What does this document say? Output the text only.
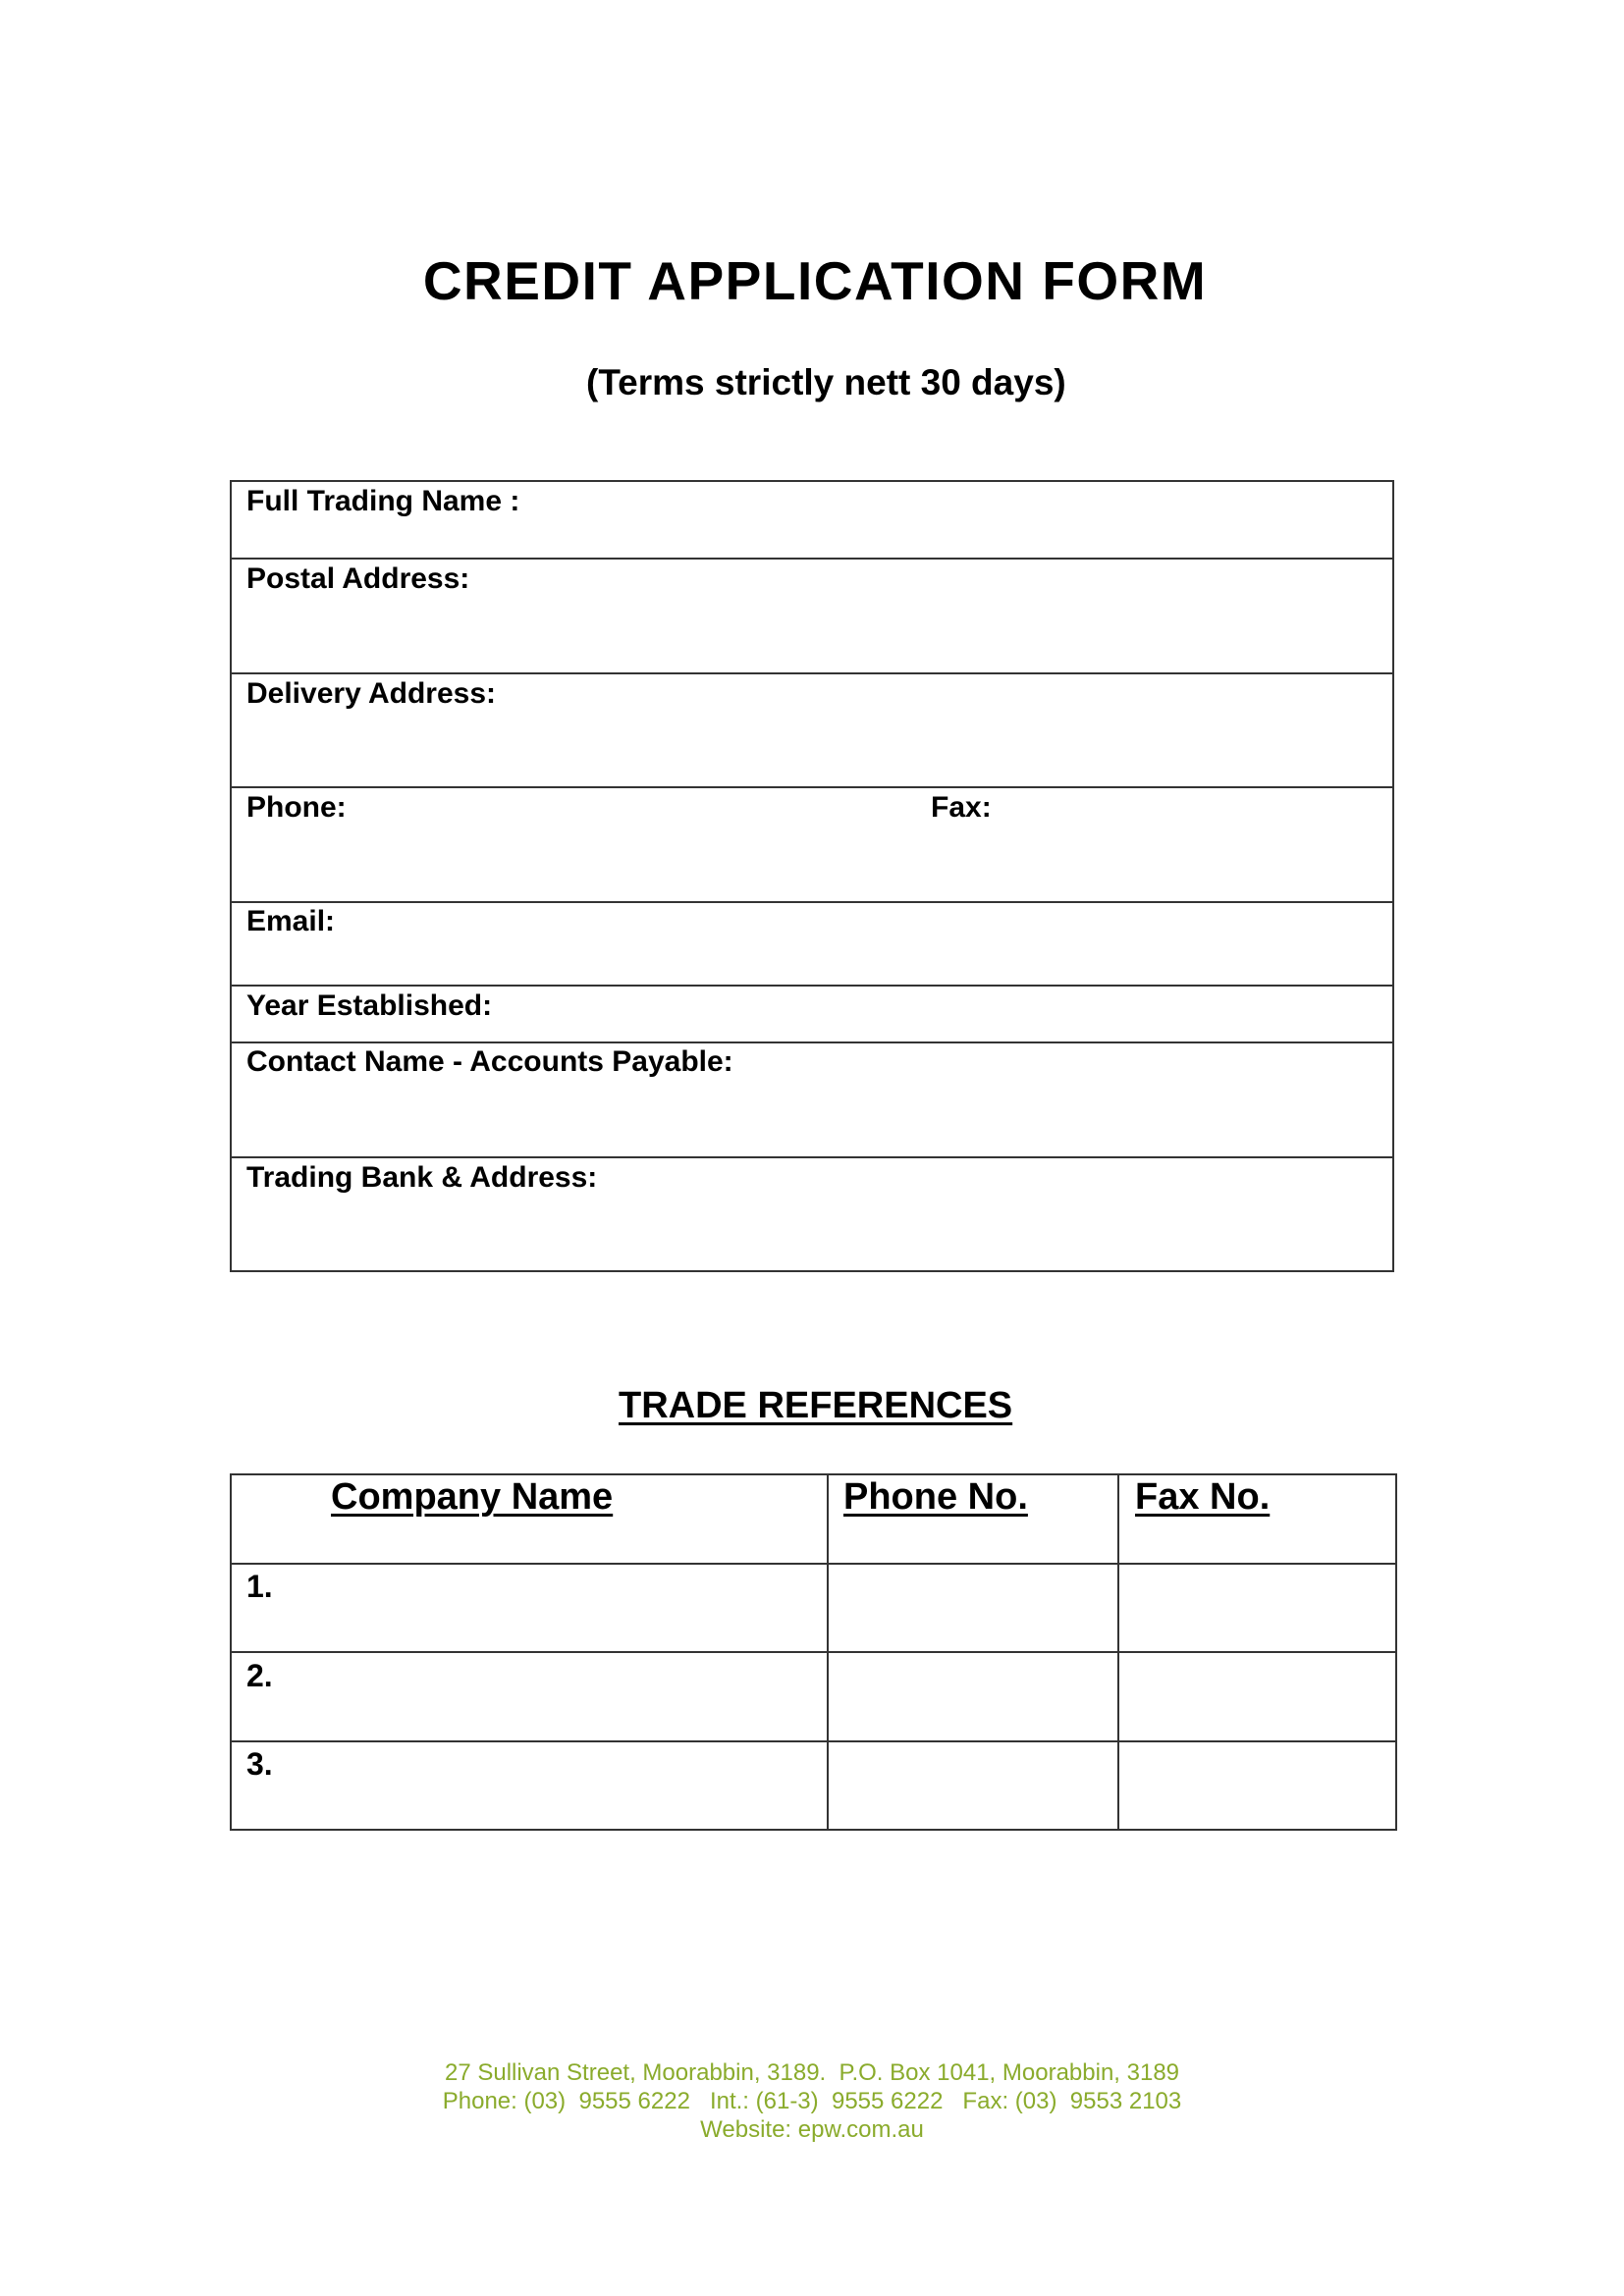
CREDIT APPLICATION FORM
(Terms strictly nett 30 days)
Full Trading Name :
Postal Address:
Delivery Address:
Phone:	Fax:
Email:
Year Established:
Contact Name - Accounts Payable:
Trading Bank & Address:
TRADE REFERENCES
Company Name	Phone No.	Fax No.
1.
2.
3.
27 Sullivan Street, Moorabbin, 3189.  P.O. Box 1041, Moorabbin, 3189
Phone: (03)  9555 6222   Int.: (61-3)  9555 6222   Fax: (03)  9553 2103
Website: epw.com.au
